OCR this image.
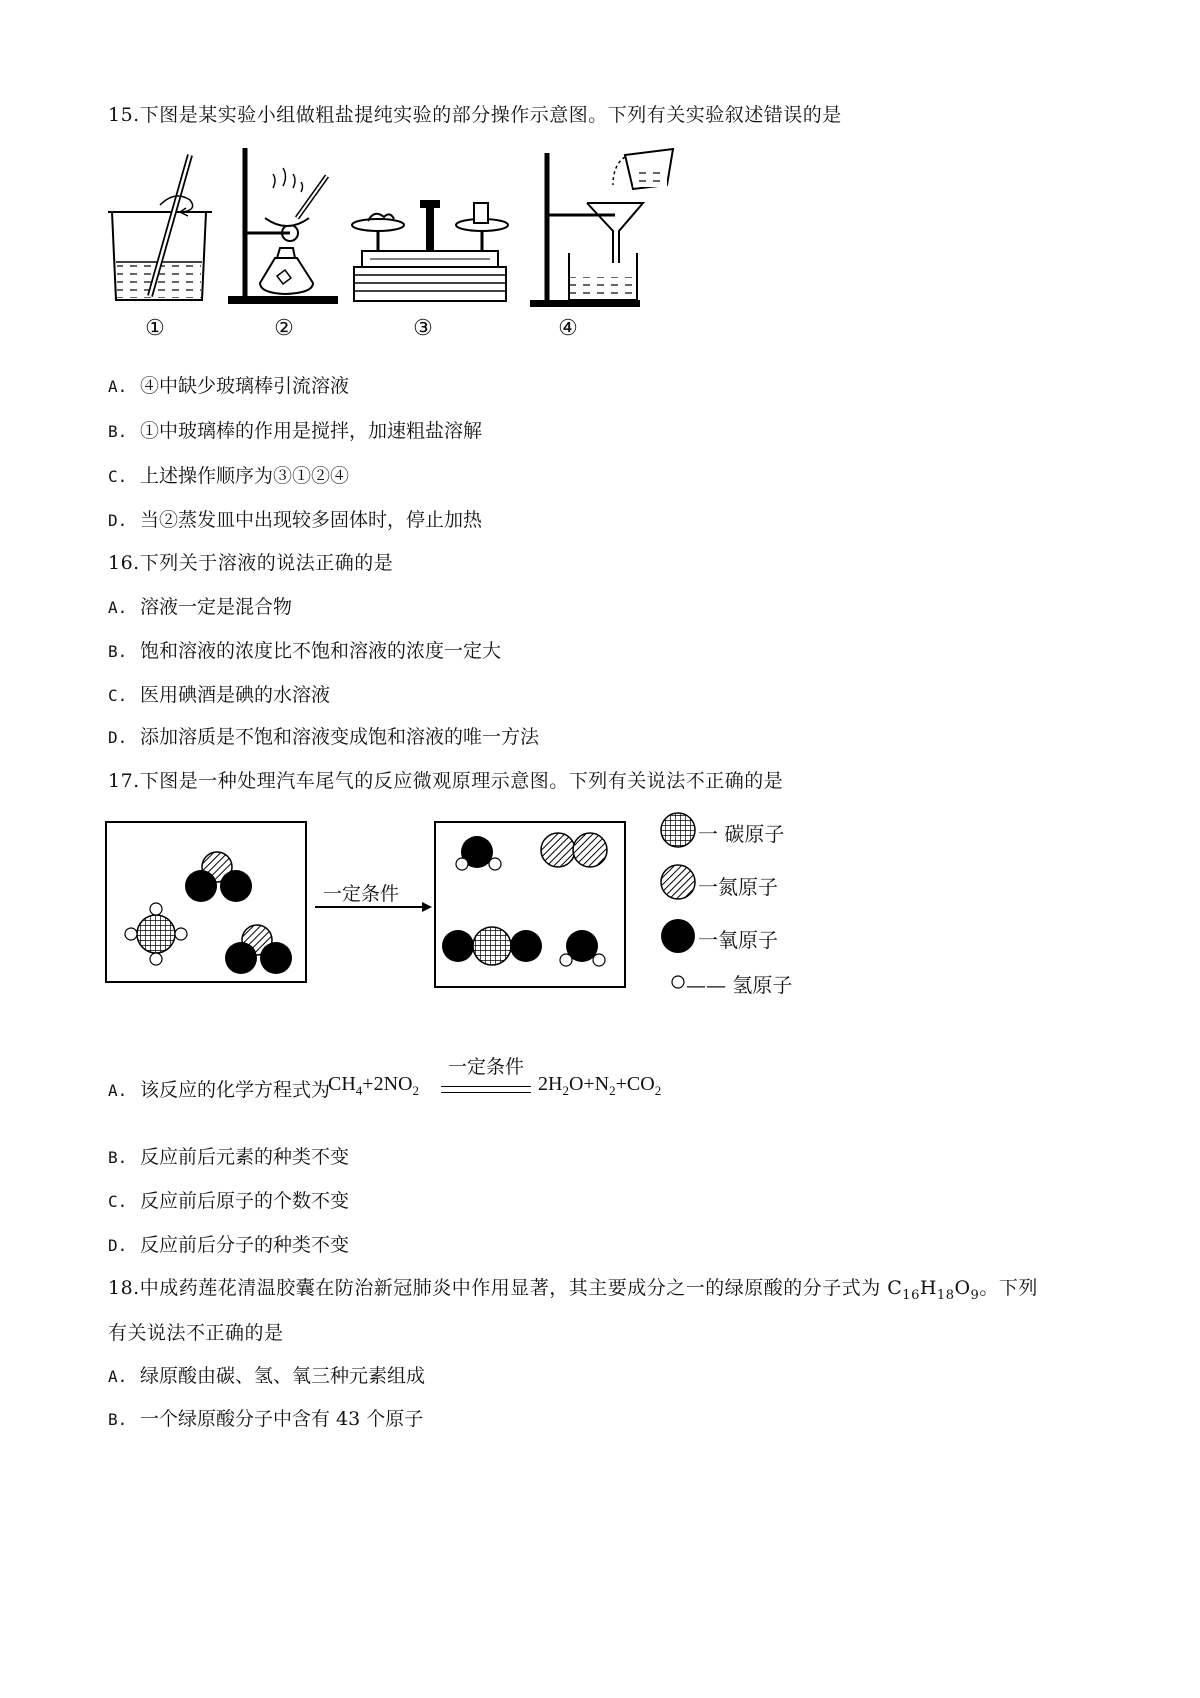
15.下图是某实验小组做粗盐提纯实验的部分操作示意图。下列有关实验叙述错误的是
①	②	③	④
A. ④中缺少玻璃棒引流溶液
B. ①中玻璃棒的作用是搅拌，加速粗盐溶解
C. 上述操作顺序为③①②④
D. 当②蒸发皿中出现较多固体时，停止加热
16.下列关于溶液的说法正确的是
A. 溶液一定是混合物
B. 饱和溶液的浓度比不饱和溶液的浓度一定大
C. 医用碘酒是碘的水溶液
D. 添加溶质是不饱和溶液变成饱和溶液的唯一方法
17.下图是一种处理汽车尾气的反应微观原理示意图。下列有关说法不正确的是
一定条件
一 碳原子
一氮原子
一氧原子
—— 氢原子
A. 该反应的化学方程式为
$CH_4+2NO_2$
一定条件
$2H_2O+N_2+CO_2$
B. 反应前后元素的种类不变
C. 反应前后原子的个数不变
D. 反应前后分子的种类不变
18.中成药莲花清温胶囊在防治新冠肺炎中作用显著，其主要成分之一的绿原酸的分子式为 $C_{16}H_{18}O_9$。下列
有关说法不正确的是
A. 绿原酸由碳、氢、氧三种元素组成
B. 一个绿原酸分子中含有 43 个原子
